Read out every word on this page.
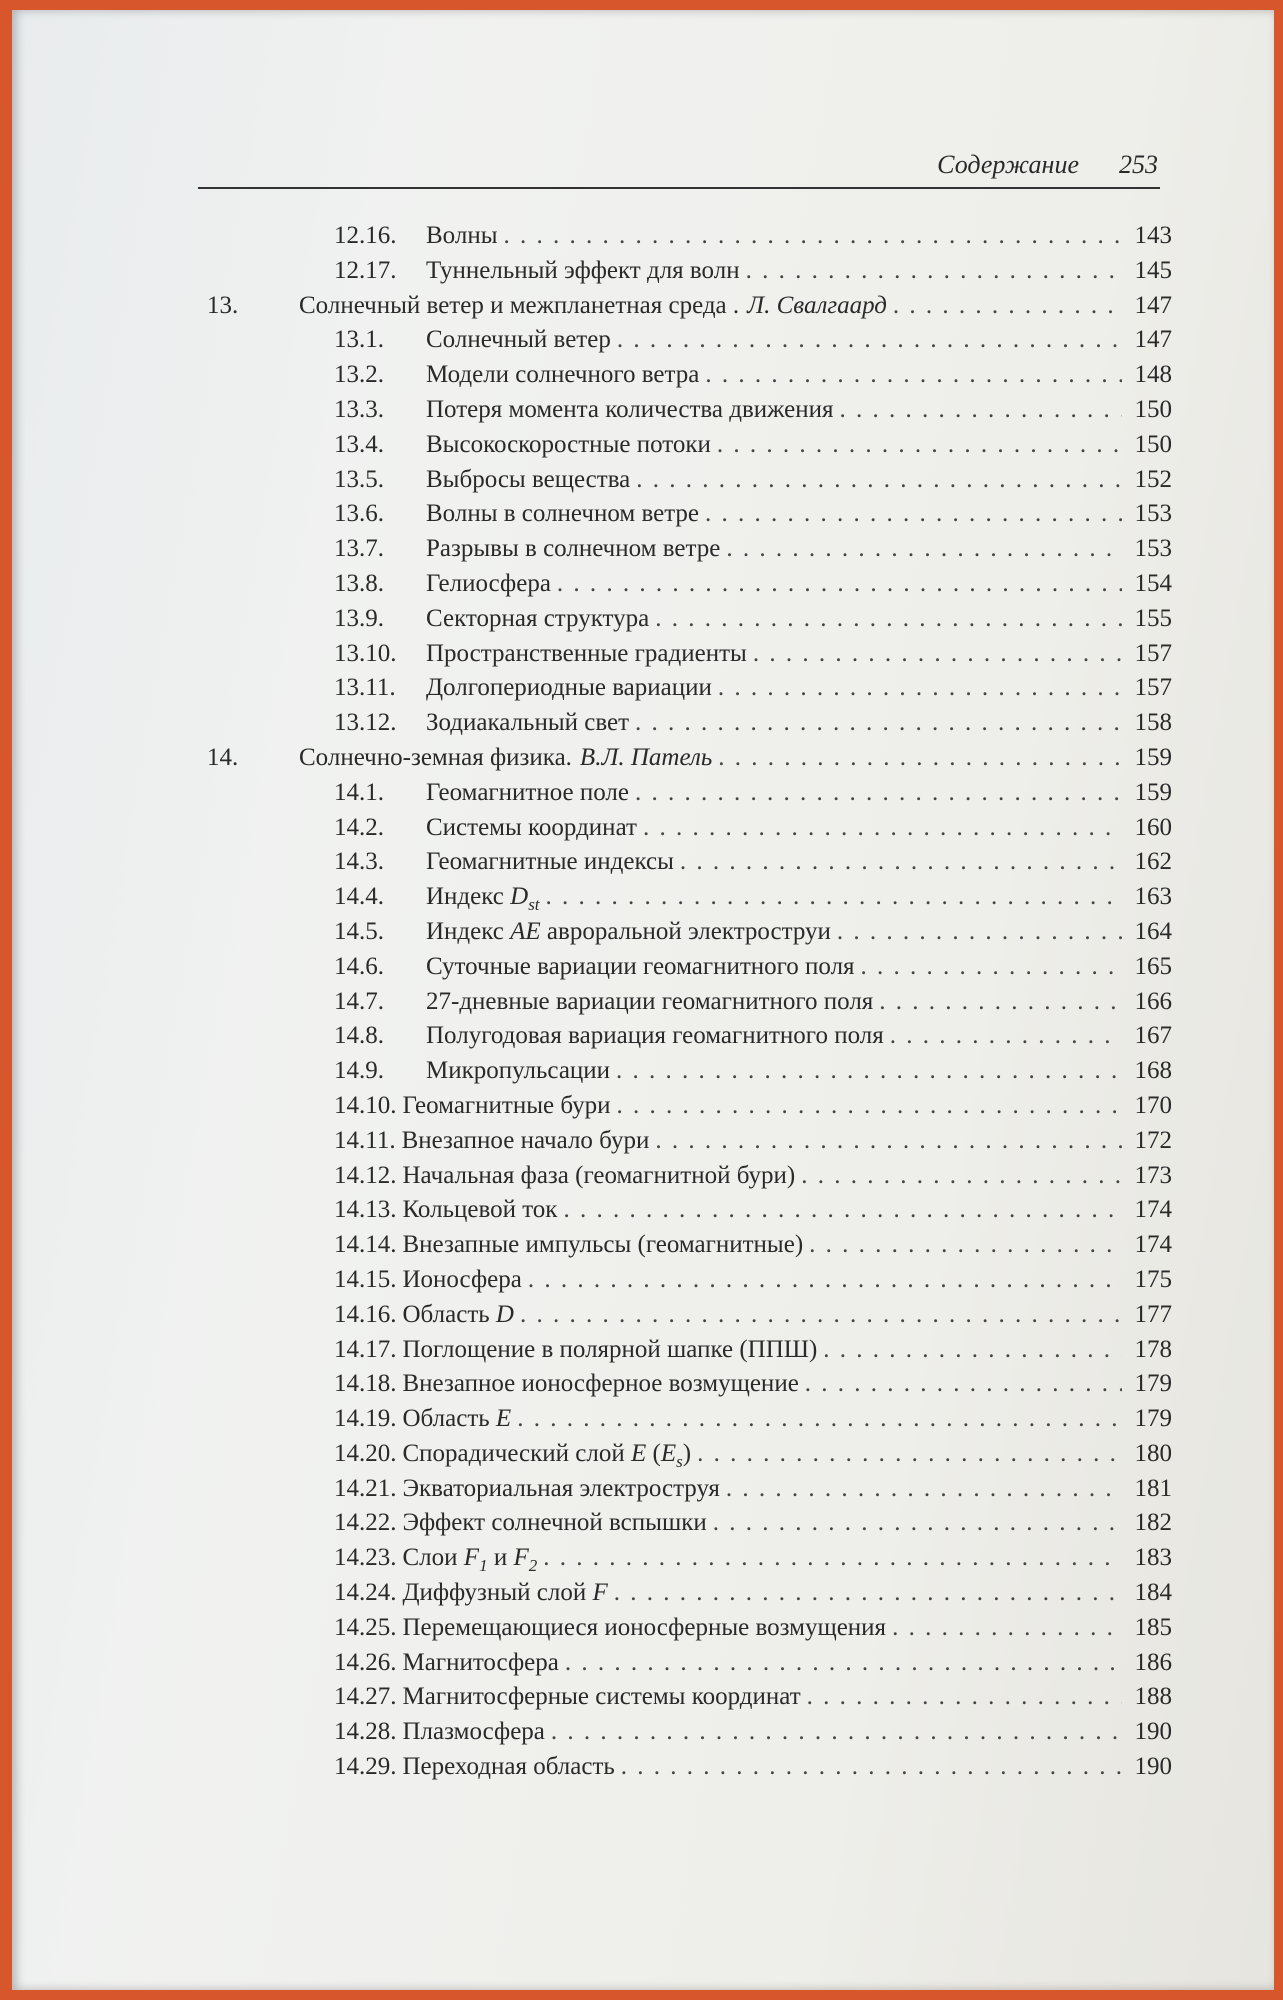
Содержание 253
12.16.	Волны . . .	143
12.17.	Туннельный эффект для волн . . .	145
13.	Солнечный ветер и межпланетная среда . Л. Свалгаард . . .	147
13.1.	Солнечный ветер . . .	147
13.2.	Модели солнечного ветра . . .	148
13.3.	Потеря момента количества движения . . .	150
13.4.	Высокоскоростные потоки . . .	150
13.5.	Выбросы вещества . . .	152
13.6.	Волны в солнечном ветре . . .	153
13.7.	Разрывы в солнечном ветре . . .	153
13.8.	Гелиосфера . . .	154
13.9.	Секторная структура . . .	155
13.10.	Пространственные градиенты . . .	157
13.11.	Долгопериодные вариации . . .	157
13.12.	Зодиакальный свет . . .	158
14.	Солнечно-земная физика. В.Л. Патель . . .	159
14.1.	Геомагнитное поле . . .	159
14.2.	Системы координат . . .	160
14.3.	Геомагнитные индексы . . .	162
14.4.	Индекс $D_{st}$ . . .	163
14.5.	Индекс AE авроральной электроструи . . .	164
14.6.	Суточные вариации геомагнитного поля . . .	165
14.7.	27-дневные вариации геомагнитного поля . . .	166
14.8.	Полугодовая вариация геомагнитного поля . . .	167
14.9.	Микропульсации . . .	168
14.10. Геомагнитные бури . . .	170
14.11. Внезапное начало бури . . .	172
14.12. Начальная фаза (геомагнитной бури) . . .	173
14.13. Кольцевой ток . . .	174
14.14. Внезапные импульсы (геомагнитные) . . .	174
14.15. Ионосфера . . .	175
14.16. Область D . . .	177
14.17. Поглощение в полярной шапке (ППШ) . . .	178
14.18. Внезапное ионосферное возмущение . . .	179
14.19. Область E . . .	179
14.20. Спорадический слой E $(E_s)$ . . .	180
14.21. Экваториальная электроструя . . .	181
14.22. Эффект солнечной вспышки . . .	182
14.23. Слои $F_1$ и $F_2$ . . .	183
14.24. Диффузный слой F . . .	184
14.25. Перемещающиеся ионосферные возмущения . . .	185
14.26. Магнитосфера . . .	186
14.27. Магнитосферные системы координат . . .	188
14.28. Плазмосфера . . .	190
14.29. Переходная область . . .	190
